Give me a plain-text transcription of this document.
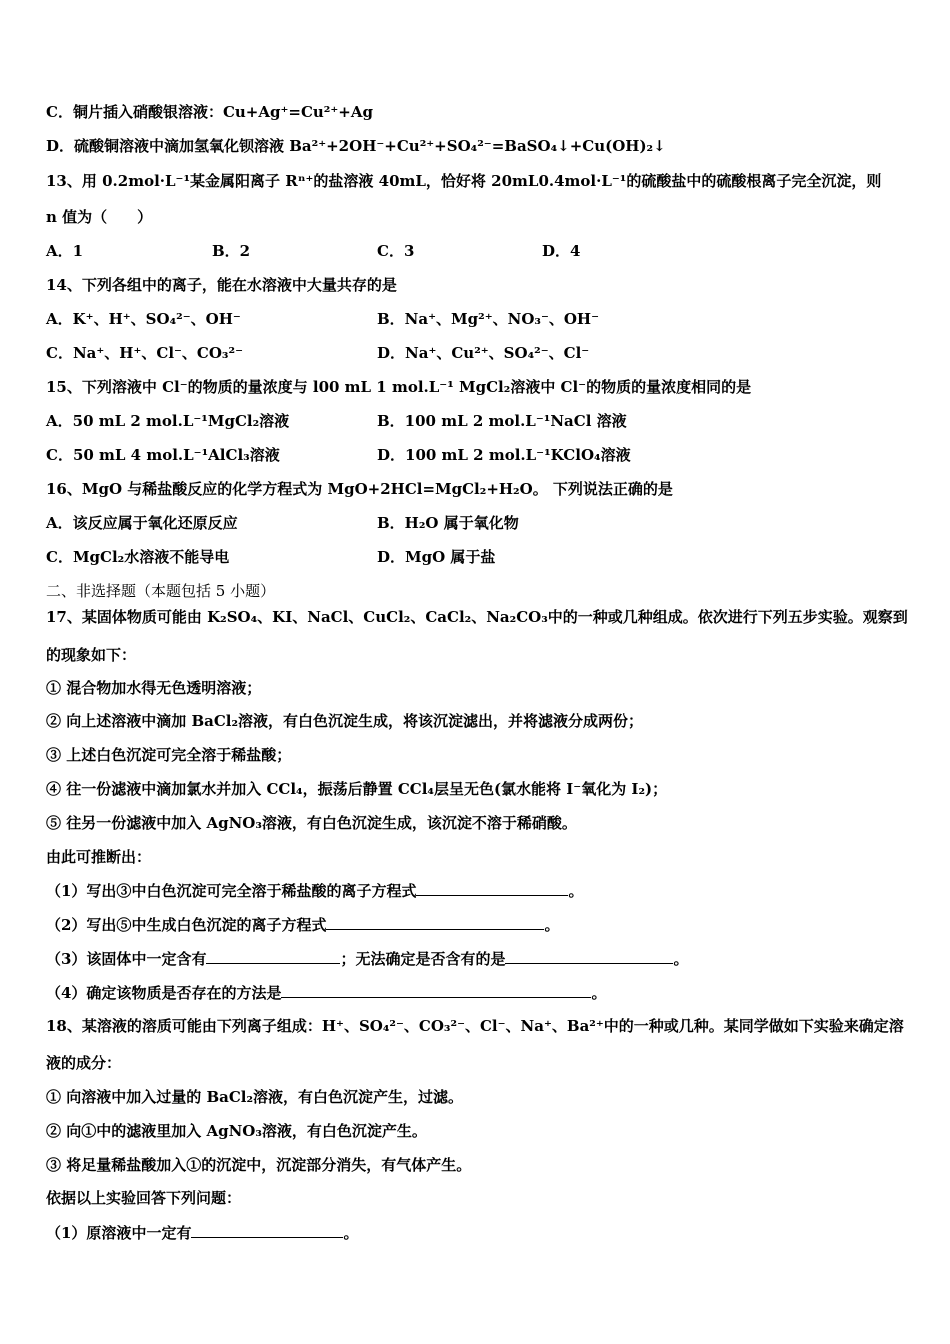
C．铜片插入硝酸银溶液：Cu+Ag⁺=Cu²⁺+Ag
D．硫酸铜溶液中滴加氢氧化钡溶液 Ba²⁺+2OH⁻+Cu²⁺+SO₄²⁻=BaSO₄↓+Cu(OH)₂↓
13、用 0.2mol·L⁻¹某金属阳离子 Rⁿ⁺的盐溶液 40mL，恰好将 20mL0.4mol·L⁻¹的硫酸盐中的硫酸根离子完全沉淀，则
n 值为（　　）
A．1	B．2	C．3	D．4
14、下列各组中的离子，能在水溶液中大量共存的是
A．K⁺、H⁺、SO₄²⁻、OH⁻	B．Na⁺、Mg²⁺、NO₃⁻、OH⁻
C．Na⁺、H⁺、Cl⁻、CO₃²⁻	D．Na⁺、Cu²⁺、SO₄²⁻、Cl⁻
15、下列溶液中 Cl⁻的物质的量浓度与 l00 mL 1 mol.L⁻¹ MgCl₂溶液中 Cl⁻的物质的量浓度相同的是
A．50 mL 2 mol.L⁻¹MgCl₂溶液	B．100 mL 2 mol.L⁻¹NaCl 溶液
C．50 mL 4 mol.L⁻¹AlCl₃溶液	D．100 mL 2 mol.L⁻¹KClO₄溶液
16、MgO 与稀盐酸反应的化学方程式为 MgO+2HCl=MgCl₂+H₂O。 下列说法正确的是
A．该反应属于氧化还原反应	B．H₂O 属于氧化物
C．MgCl₂水溶液不能导电	D．MgO 属于盐
二、非选择题（本题包括 5 小题）
17、某固体物质可能由 K₂SO₄、KI、NaCl、CuCl₂、CaCl₂、Na₂CO₃中的一种或几种组成。依次进行下列五步实验。观察到
的现象如下：
① 混合物加水得无色透明溶液；
② 向上述溶液中滴加 BaCl₂溶液，有白色沉淀生成，将该沉淀滤出，并将滤液分成两份；
③ 上述白色沉淀可完全溶于稀盐酸；
④ 往一份滤液中滴加氯水并加入 CCl₄，振荡后静置 CCl₄层呈无色(氯水能将 I⁻氧化为 I₂)；
⑤ 往另一份滤液中加入 AgNO₃溶液，有白色沉淀生成，该沉淀不溶于稀硝酸。
由此可推断出：
（1）写出③中白色沉淀可完全溶于稀盐酸的离子方程式	。
（2）写出⑤中生成白色沉淀的离子方程式	。
（3）该固体中一定含有	；无法确定是否含有的是	。
（4）确定该物质是否存在的方法是	。
18、某溶液的溶质可能由下列离子组成：H⁺、SO₄²⁻、CO₃²⁻、Cl⁻、Na⁺、Ba²⁺中的一种或几种。某同学做如下实验来确定溶
液的成分：
① 向溶液中加入过量的 BaCl₂溶液，有白色沉淀产生，过滤。
② 向①中的滤液里加入 AgNO₃溶液，有白色沉淀产生。
③ 将足量稀盐酸加入①的沉淀中，沉淀部分消失，有气体产生。
依据以上实验回答下列问题：
（1）原溶液中一定有	。
